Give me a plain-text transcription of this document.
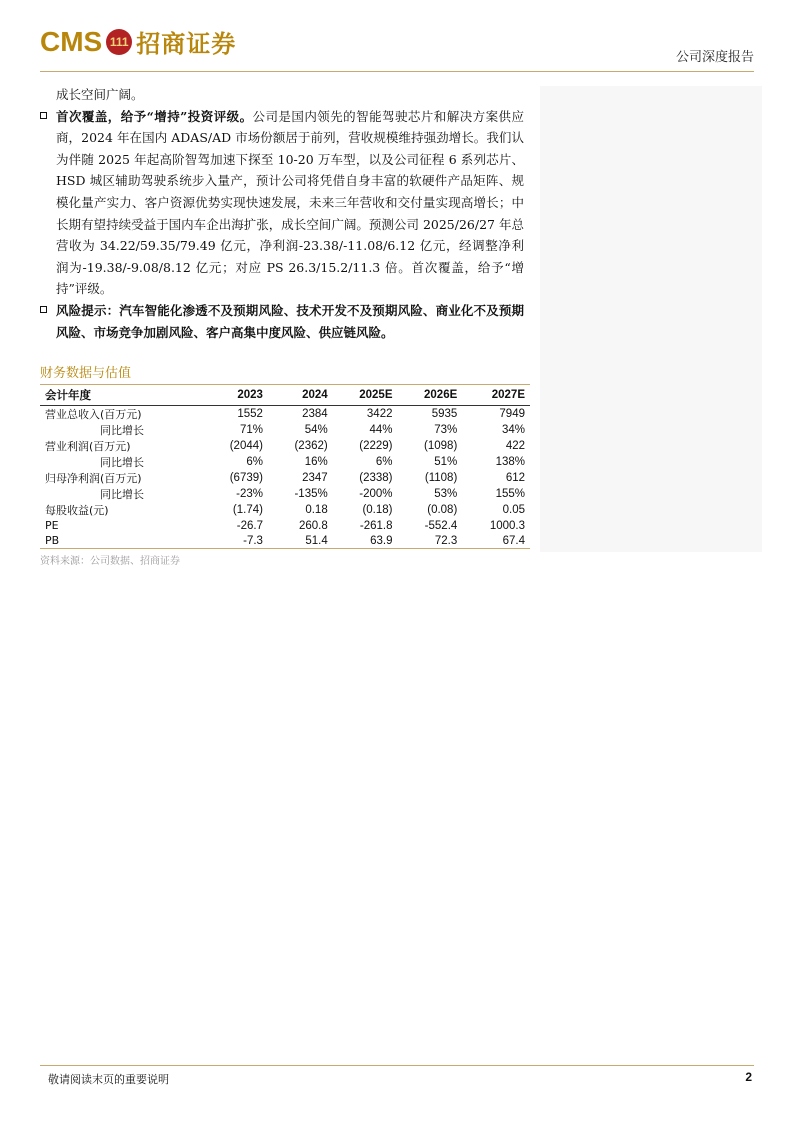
CMS 111 招商证券	公司深度报告

成长空间广阔。

首次覆盖，给予“增持”投资评级。公司是国内领先的智能驾驶芯片和解决方案供应商，2024 年在国内 ADAS/AD 市场份额居于前列，营收规模维持强劲增长。我们认为伴随 2025 年起高阶智驾加速下探至 10-20 万车型，以及公司征程 6 系列芯片、HSD 城区辅助驾驶系统步入量产，预计公司将凭借自身丰富的软硬件产品矩阵、规模化量产实力、客户资源优势实现快速发展，未来三年营收和交付量实现高增长；中长期有望持续受益于国内车企出海扩张，成长空间广阔。预测公司 2025/26/27 年总营收为 34.22/59.35/79.49 亿元，净利润-23.38/-11.08/6.12 亿元，经调整净利润为-19.38/-9.08/8.12 亿元；对应 PS 26.3/15.2/11.3 倍。首次覆盖，给予“增持”评级。

风险提示：汽车智能化渗透不及预期风险、技术开发不及预期风险、商业化不及预期风险、市场竞争加剧风险、客户高集中度风险、供应链风险。

财务数据与估值
会计年度	2023	2024	2025E	2026E	2027E
营业总收入(百万元)	1552	2384	3422	5935	7949
同比增长	71%	54%	44%	73%	34%
营业利润(百万元)	(2044)	(2362)	(2229)	(1098)	422
同比增长	6%	16%	6%	51%	138%
归母净利润(百万元)	(6739)	2347	(2338)	(1108)	612
同比增长	-23%	-135%	-200%	53%	155%
每股收益(元)	(1.74)	0.18	(0.18)	(0.08)	0.05
PE	-26.7	260.8	-261.8	-552.4	1000.3
PB	-7.3	51.4	63.9	72.3	67.4
资料来源：公司数据、招商证券
敬请阅读末页的重要说明	2
